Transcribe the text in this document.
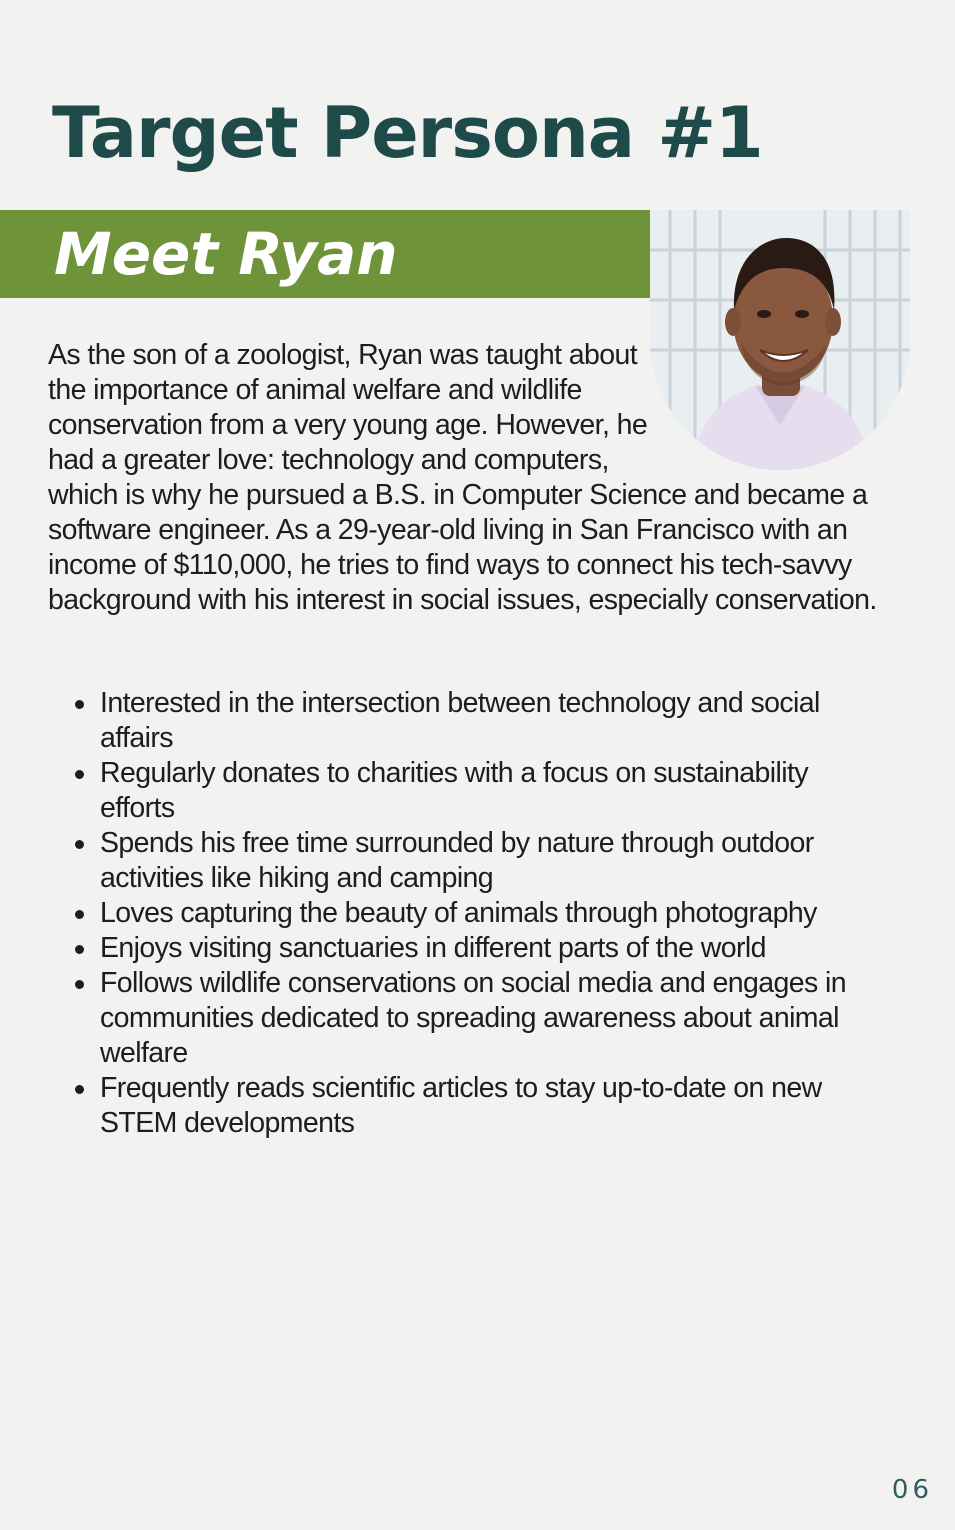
Target Persona #1
Meet Ryan

As the son of a zoologist, Ryan was taught about the importance of animal welfare and wildlife conservation from a very young age. However, he had a greater love: technology and computers, which is why he pursued a B.S. in Computer Science and became a software engineer. As a 29-year-old living in San Francisco with an income of $110,000, he tries to find ways to connect his tech-savvy background with his interest in social issues, especially conservation.

Interested in the intersection between technology and social affairs
Regularly donates to charities with a focus on sustainability efforts
Spends his free time surrounded by nature through outdoor activities like hiking and camping
Loves capturing the beauty of animals through photography
Enjoys visiting sanctuaries in different parts of the world
Follows wildlife conservations on social media and engages in communities dedicated to spreading awareness about animal welfare
Frequently reads scientific articles to stay up-to-date on new STEM developments
06
